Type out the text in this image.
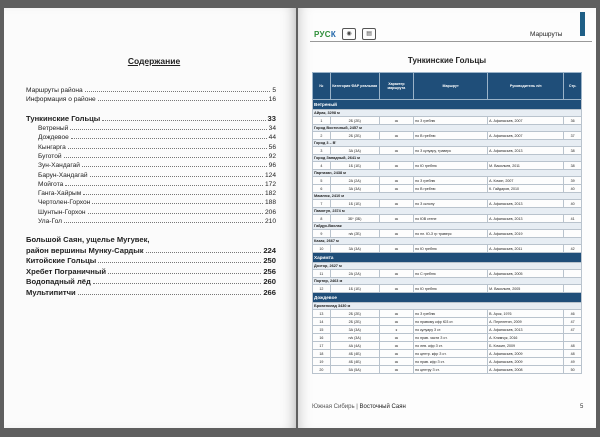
Содержание
Маршруты района	5
Информация о районе	16
Тункинские Гольцы	33
Ветреный	34
Дождевое	44
Кынгарга	56
Буготой	92
Зун-Хандагай	96
Барун-Хандагай	124
Мойгота	172
Ганга-Хайрым	182
Чертолен-Горхон	188
Шунтын-Горхон	206
Ула-Гол	210
Большой Саян, ущелье Мугувек,
район вершины Мунку-Сардык	224
Китойские Гольцы	250
Хребет Пограничный	256
Водопадный лёд	260
Мультипитчи	266
РУСК	◉	▤	Маршруты
Тункинские Гольцы
№	Категория ФАР реальная	Характер маршрута	Маршрут	Руководитель п/п	Стр.
Ветреный					
Айрак, 3298 м					
1	2Б (2Б)	ск	по З гребню	А. Афанасьев, 2007	36
Город Восточный, 2457 м					
2	2Б (2Б)	ск	по В гребню	А. Афанасьев, 2007	37
Город 3 – В'					
3	3А (3А)	ск	по З кулуару, траверс	А. Афанасьев, 2013	38
Город Западный, 2641 м					
4	1Б (1Б)	ск	по Ю гребню	М. Васильев, 2011	38
Партизан, 2438 м					
5	2А (2А)	ск	по З гребню	А. Кочин, 2007	39
6	3А (3А)	ск	по В гребню	К. Гайдаров, 2010	40
Мамлюк, 2410 м					
7	1Б (1Б)	ск	по З склону	А. Афанасьев, 2013	40
Памятун, 2374 м					
8	3Б* (3Б)	ск	по ЮВ стене	А. Афанасьев, 2013	41
Гайдук-Вахлак					
9	н/к (2Б)	ск	по пл. Ю-З гр траверс	А. Афанасьев, 2019	
Казак, 2667 м					
10	3А (3А)	ск	по Ю гребню	А. Афанасьев, 2011	42
Харимта					
Дозтор, 2627 м					
11	2А (2А)	ск	по С гребню	А. Афанасьев, 2005	
Портир, 2463 м					
12	1Б (1Б)	ск	по Ю гребню	М. Васильев, 2005	
Дождевое					
Бровенклад 3430 м					
13	2Б (2Б)	ск	по З гребню	В. Арок, 1976	46
14	2Б (2Б)	ск	по правому кфр Ю3 ст.	А. Перелетин, 2009	47
15	3А (3А)	к	по кулуару З ст.	А. Афанасьев, 2013	47
16	н/к (3А)	ск	по прав. части З ст.	А. Климчук, 2016	
17	4А (4А)	ск	по лев. кфр З ст.	Б. Кочкин, 2009	48
18	4Б (4Б)	ск	по центр. кфр З ст.	А. Афанасьев, 2009	48
19	4Б (4Б)	ск	по прав. кфр З ст.	А. Афанасьев, 2009	49
20	5А (5А)	ск	по центру З ст.	А. Афанасьев, 2008	50
Южная Сибирь | Восточный Саян	5
